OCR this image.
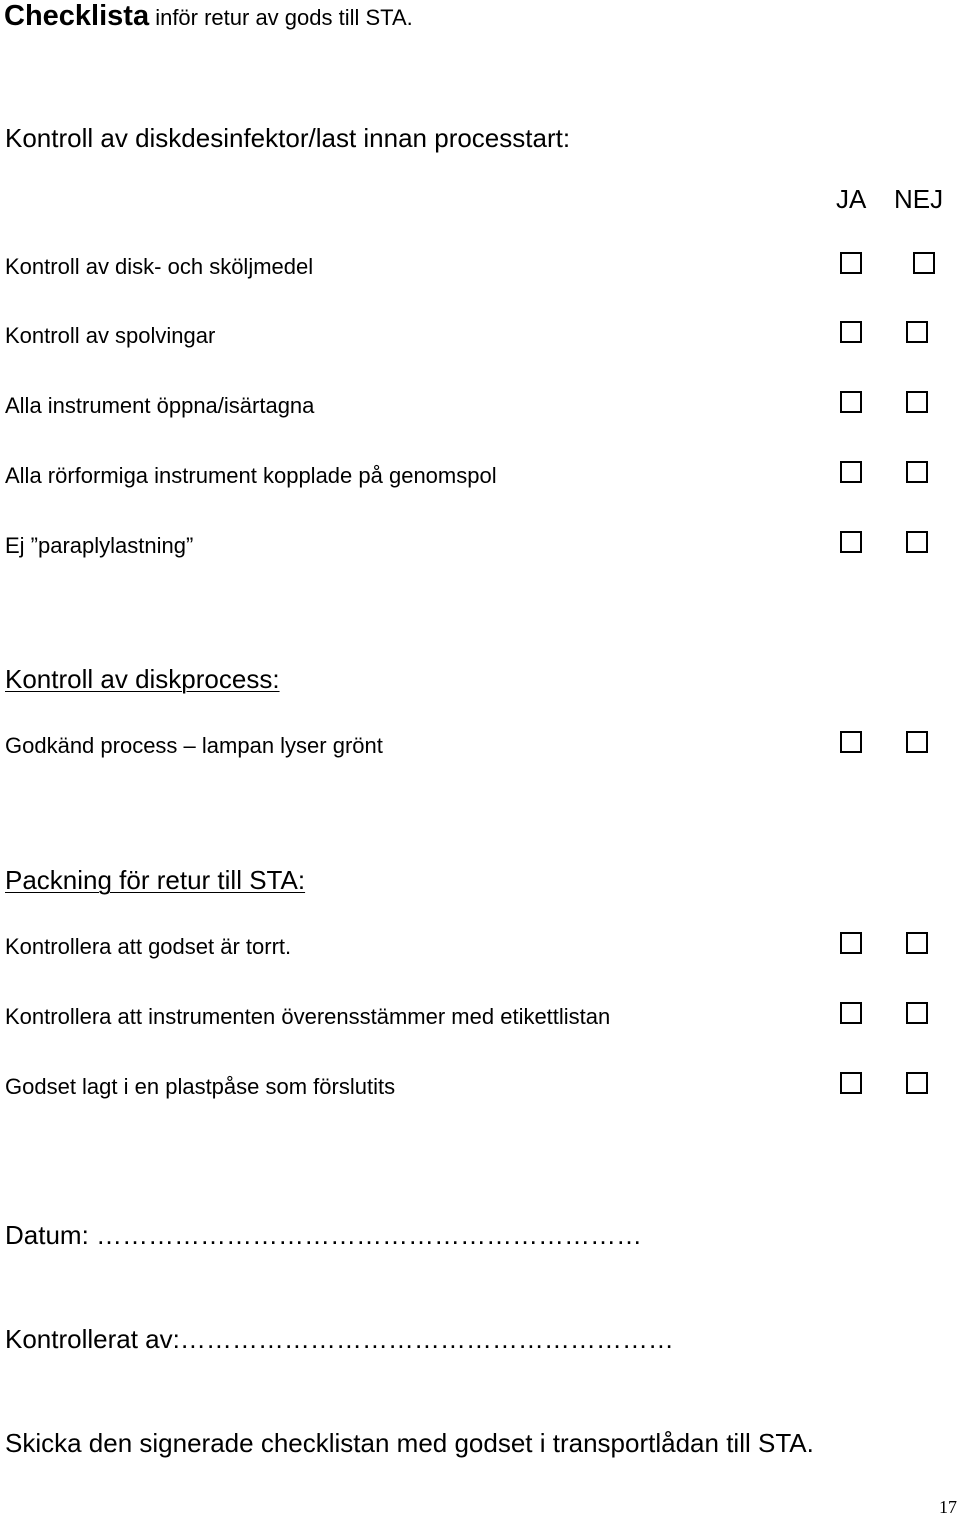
Checklista inför retur av gods till STA.
Kontroll av diskdesinfektor/last innan processtart:
JA NEJ
Kontroll av disk- och sköljmedel
Kontroll av spolvingar
Alla instrument öppna/isärtagna
Alla rörformiga instrument kopplade på genomspol
Ej ”paraplylastning”
Kontroll av diskprocess:
Godkänd process – lampan lyser grönt
Packning för retur till STA:
Kontrollera att godset är torrt.
Kontrollera att instrumenten överensstämmer med etikettlistan
Godset lagt i en plastpåse som förslutits
Datum: ………………………………………………………
Kontrollerat av:…………………………………………………
Skicka den signerade checklistan med godset i transportlådan till STA.
17
